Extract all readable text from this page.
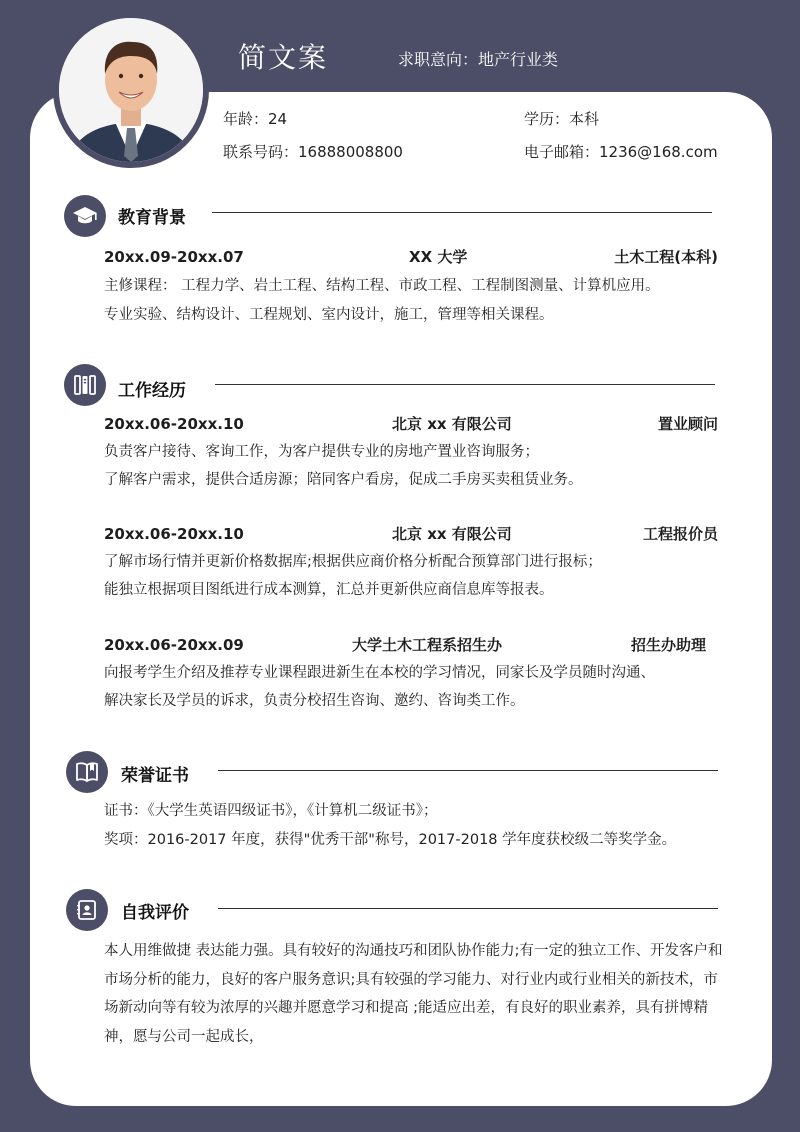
简文案	求职意向：地产行业类
年龄：24	学历：本科
联系号码：16888008800	电子邮箱：1236@168.com
教育背景
20xx.09-20xx.07	XX 大学	土木工程(本科)
主修课程： 工程力学、岩土工程、结构工程、市政工程、工程制图测量、计算机应用。
专业实验、结构设计、工程规划、室内设计，施工，管理等相关课程。
工作经历
20xx.06-20xx.10	北京 xx 有限公司	置业顾问
负责客户接待、客询工作，为客户提供专业的房地产置业咨询服务；
了解客户需求，提供合适房源；陪同客户看房，促成二手房买卖租赁业务。
20xx.06-20xx.10	北京 xx 有限公司	工程报价员
了解市场行情并更新价格数据库;根据供应商价格分析配合预算部门进行报标；
能独立根据项目图纸进行成本测算，汇总并更新供应商信息库等报表。
20xx.06-20xx.09	大学土木工程系招生办	招生办助理
向报考学生介绍及推荐专业课程跟进新生在本校的学习情况，同家长及学员随时沟通、
解决家长及学员的诉求，负责分校招生咨询、邀约、咨询类工作。
荣誉证书
证书：《大学生英语四级证书》，《计算机二级证书》；
奖项：2016-2017 年度，获得"优秀干部"称号，2017-2018 学年度获校级二等奖学金。
自我评价
本人用维做捷 表达能力强。具有较好的沟通技巧和团队协作能力;有一定的独立工作、开发客户和市场分析的能力，良好的客户服务意识;具有较强的学习能力、对行业内或行业相关的新技术，市场新动向等有较为浓厚的兴趣并愿意学习和提高 ;能适应出差，有良好的职业素养，具有拼博精神，愿与公司一起成长，
